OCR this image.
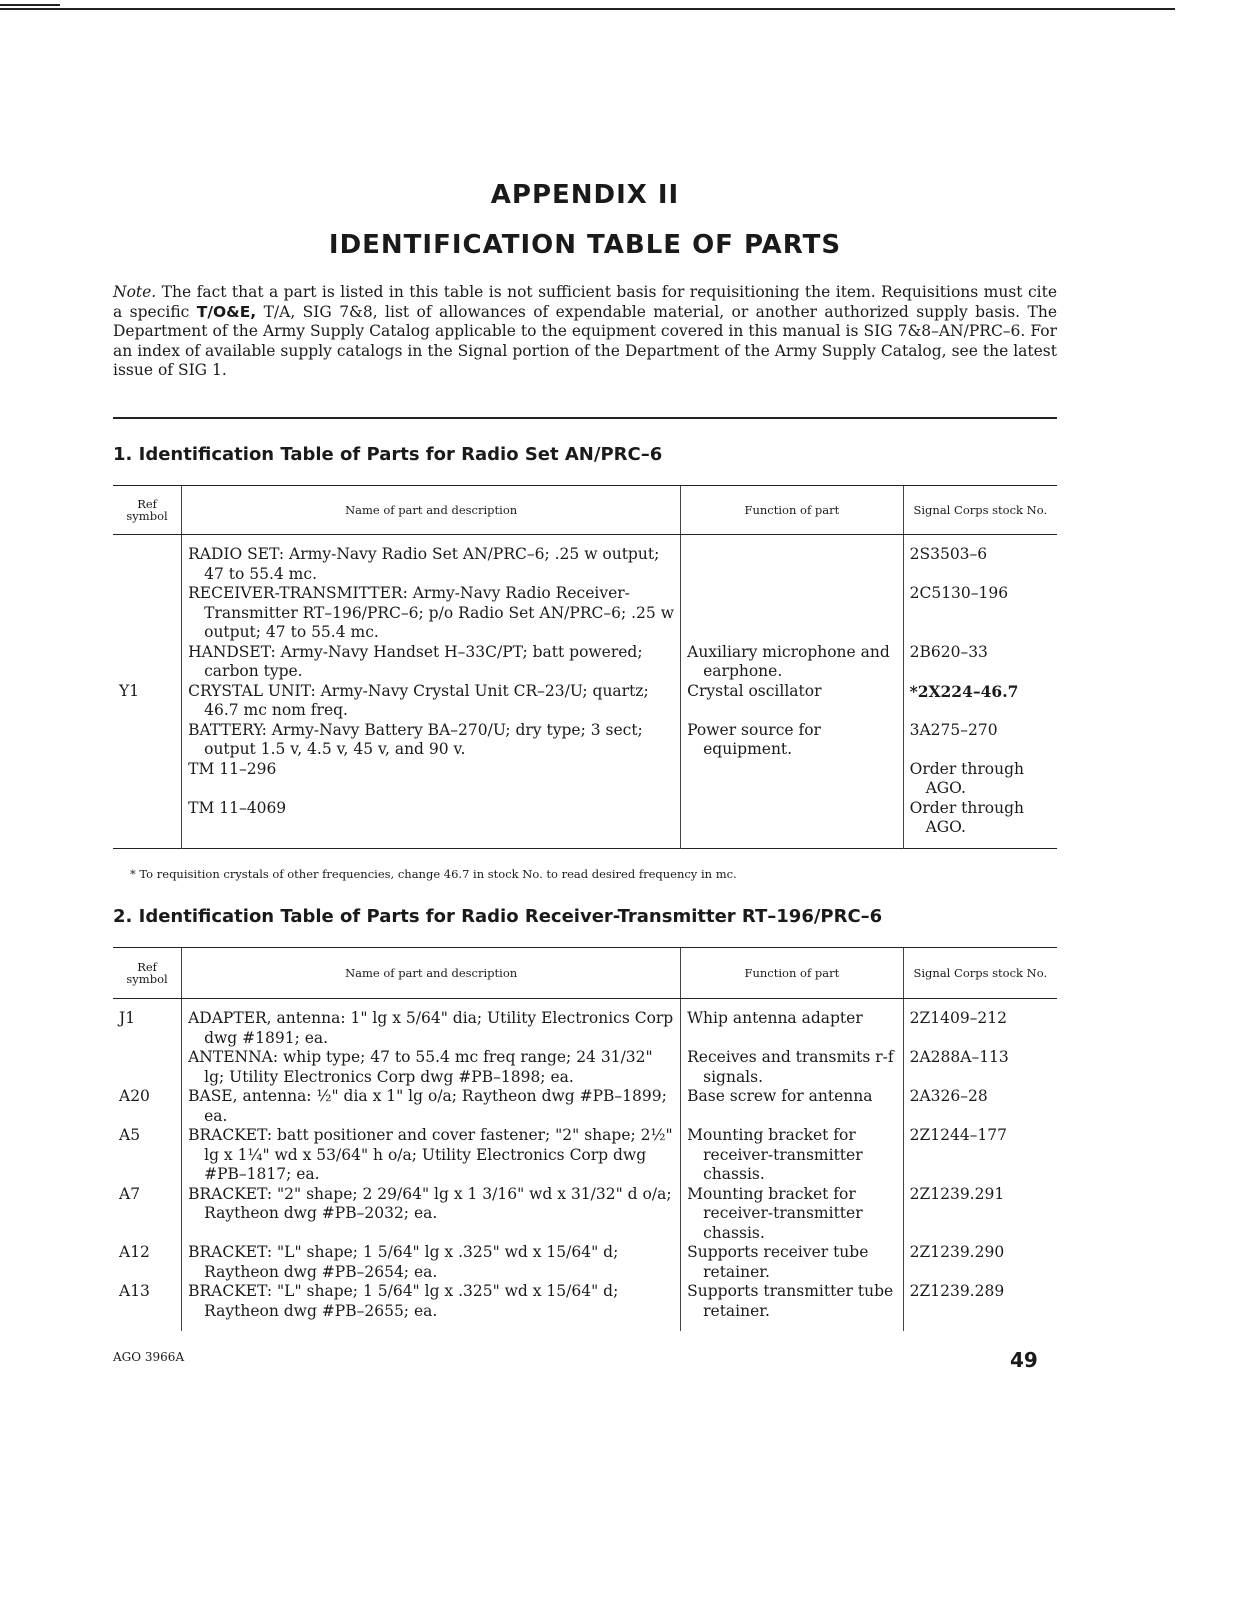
APPENDIX II
IDENTIFICATION TABLE OF PARTS

Note. The fact that a part is listed in this table is not sufficient basis for requisitioning the item. Requisitions must cite a specific T/O&E, T/A, SIG 7&8, list of allowances of expendable material, or another authorized supply basis. The Department of the Army Supply Catalog applicable to the equipment covered in this manual is SIG 7&8–AN/PRC–6. For an index of available supply catalogs in the Signal portion of the Department of the Army Supply Catalog, see the latest issue of SIG 1.

1. Identification Table of Parts for Radio Set AN/PRC–6
Ref symbol	Name of part and description	Function of part	Signal Corps stock No.
	RADIO SET: Army-Navy Radio Set AN/PRC–6; .25 w output; 47 to 55.4 mc.		2S3503–6
	RECEIVER-TRANSMITTER: Army-Navy Radio Receiver-Transmitter RT–196/PRC–6; p/o Radio Set AN/PRC–6; .25 w output; 47 to 55.4 mc.		2C5130–196
	HANDSET: Army-Navy Handset H–33C/PT; batt powered; carbon type.	Auxiliary microphone and earphone.	2B620–33
Y1	CRYSTAL UNIT: Army-Navy Crystal Unit CR–23/U; quartz; 46.7 mc nom freq.	Crystal oscillator	*2X224–46.7
	BATTERY: Army-Navy Battery BA–270/U; dry type; 3 sect; output 1.5 v, 4.5 v, 45 v, and 90 v.	Power source for equipment.	3A275–270
	TM 11–296		Order through AGO.
	TM 11–4069		Order through AGO.

* To requisition crystals of other frequencies, change 46.7 in stock No. to read desired frequency in mc.

2. Identification Table of Parts for Radio Receiver-Transmitter RT–196/PRC–6
Ref symbol	Name of part and description	Function of part	Signal Corps stock No.
J1	ADAPTER, antenna: 1" lg x 5/64" dia; Utility Electronics Corp dwg #1891; ea.	Whip antenna adapter	2Z1409–212
	ANTENNA: whip type; 47 to 55.4 mc freq range; 24 31/32" lg; Utility Electronics Corp dwg #PB–1898; ea.	Receives and transmits r-f signals.	2A288A–113
A20	BASE, antenna: ½" dia x 1" lg o/a; Raytheon dwg #PB–1899; ea.	Base screw for antenna	2A326–28
A5	BRACKET: batt positioner and cover fastener; "2" shape; 2½" lg x 1¼" wd x 53/64" h o/a; Utility Electronics Corp dwg #PB–1817; ea.	Mounting bracket for receiver-transmitter chassis.	2Z1244–177
A7	BRACKET: "2" shape; 2 29/64" lg x 1 3/16" wd x 31/32" d o/a; Raytheon dwg #PB–2032; ea.	Mounting bracket for receiver-transmitter chassis.	2Z1239.291
A12	BRACKET: "L" shape; 1 5/64" lg x .325" wd x 15/64" d; Raytheon dwg #PB–2654; ea.	Supports receiver tube retainer.	2Z1239.290
A13	BRACKET: "L" shape; 1 5/64" lg x .325" wd x 15/64" d; Raytheon dwg #PB–2655; ea.	Supports transmitter tube retainer.	2Z1239.289

AGO 3966A	49
